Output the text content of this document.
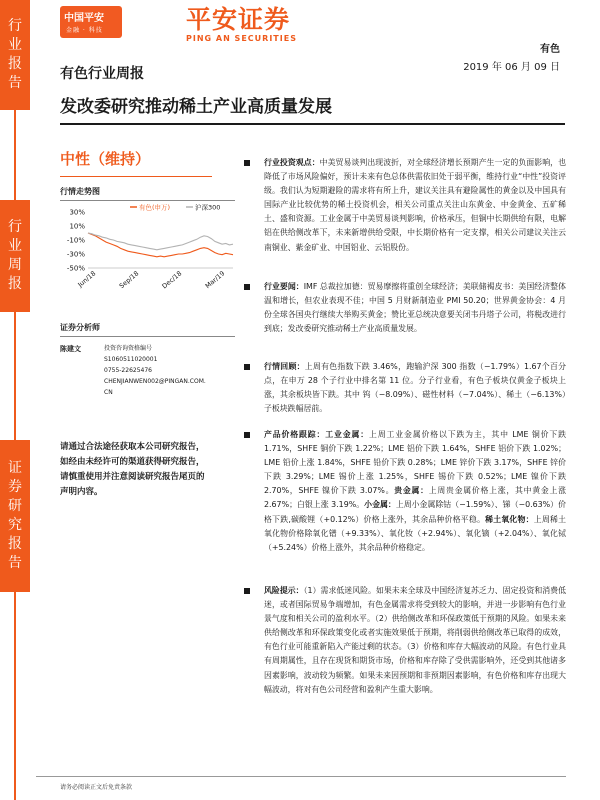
行
业
报
告
行
业
周
报
证
券
研
究
报
告
中国平安
金融 · 科技	平安证券
PING AN SECURITIES
有色
2019 年 06 月 09 日
有色行业周报
发改委研究推动稀土产业高质量发展
中性（维持）
行情走势图
30%
10%
-10%
-30%
-50%
Jun/18	Sep/18	Dec/18	Mar/19
有色(申万)	沪深300
证券分析师
陈建文	投资咨询资格编号
S1060511020001
0755-22625476
CHENJIANWEN002@PINGAN.COM.
CN
请通过合法途径获取本公司研究报告，如经由未经许可的渠道获得研究报告，请慎重使用并注意阅读研究报告尾页的声明内容。
行业投资观点：中美贸易谈判出现波折，对全球经济增长预期产生一定的负面影响，也降低了市场风险偏好，预计未来有色总体供需依旧处于弱平衡，维持行业“中性”投资评级。我们认为短期避险的需求将有所上升，建议关注具有避险属性的黄金以及中国具有国际产业比较优势的稀土投资机会，相关公司重点关注山东黄金、中金黄金、五矿稀土、盛和资源。工业金属于中美贸易谈判影响，价格承压，但铜中长期供给有限，电解铝在供给侧改革下，未来新增供给受限，中长期价格有一定支撑，相关公司建议关注云南铜业、紫金矿业、中国铝业、云铝股份。
行业要闻：IMF 总裁拉加德：贸易摩擦将重创全球经济；美联储褐皮书：美国经济整体温和增长，但农业表现不佳；中国 5 月财新制造业 PMI 50.20；世界黄金协会：4 月份全球各国央行继续大举购买黄金；赞比亚总统决意要关闭韦丹塔子公司，将税改进行到底；发改委研究推动稀土产业高质量发展。
行情回顾：上周有色指数下跌 3.46%，跑输沪深 300 指数（−1.79%）1.67个百分点，在申万 28 个子行业中排名第 11 位。分子行业看，有色子板块仅黄金子板块上涨，其余板块皆下跌。其中 钨（−8.09%）、磁性材料（−7.04%）、稀土（−6.13%）子板块跌幅居前。
产品价格跟踪：工业金属：上周工业金属价格以下跌为主，其中 LME 铜价下跌 1.71%，SHFE 铜价下跌 1.22%；LME 铝价下跌 1.64%，SHFE 铝价下跌 1.02%；LME 铅价上涨 1.84%，SHFE 铅价下跌 0.28%；LME 锌价下跌 3.17%，SHFE 锌价下跌 3.29%；LME 锡价上涨 1.25%，SHFE 锡价下跌 0.52%；LME 镍价下跌 2.70%，SHFE 镍价下跌 3.07%。贵金属：上周贵金属价格上涨，其中黄金上涨 2.67%；白银上涨 3.19%。小金属：上周小金属除钴（−1.59%）、锑（−0.63%）价格下跌,碳酸锂（+0.12%）价格上涨外，其余品种价格平稳。稀土氧化物：上周稀土氧化物价格除氧化镨（+9.33%）、氧化钕（+2.94%）、氧化镝（+2.04%）、氧化铽（+5.24%）价格上涨外，其余品种价格稳定。
风险提示：（1）需求低迷风险。如果未来全球及中国经济复苏乏力、固定投资和消费低迷，或者国际贸易争端增加，有色金属需求将受到较大的影响，并进一步影响有色行业景气度和相关公司的盈利水平。（2）供给侧改革和环保政策低于预期的风险。如果未来供给侧改革和环保政策变化或者实施效果低于预期，将削弱供给侧改革已取得的成效，有色行业可能重新陷入产能过剩的状态。（3）价格和库存大幅波动的风险。有色行业具有周期属性，且存在现货和期货市场，价格和库存除了受供需影响外，还受到其他诸多因素影响，波动较为频繁。如果未来因预期和非预期因素影响，有色价格和库存出现大幅波动，将对有色公司经营和盈利产生重大影响。
请务必阅读正文后免责条款
